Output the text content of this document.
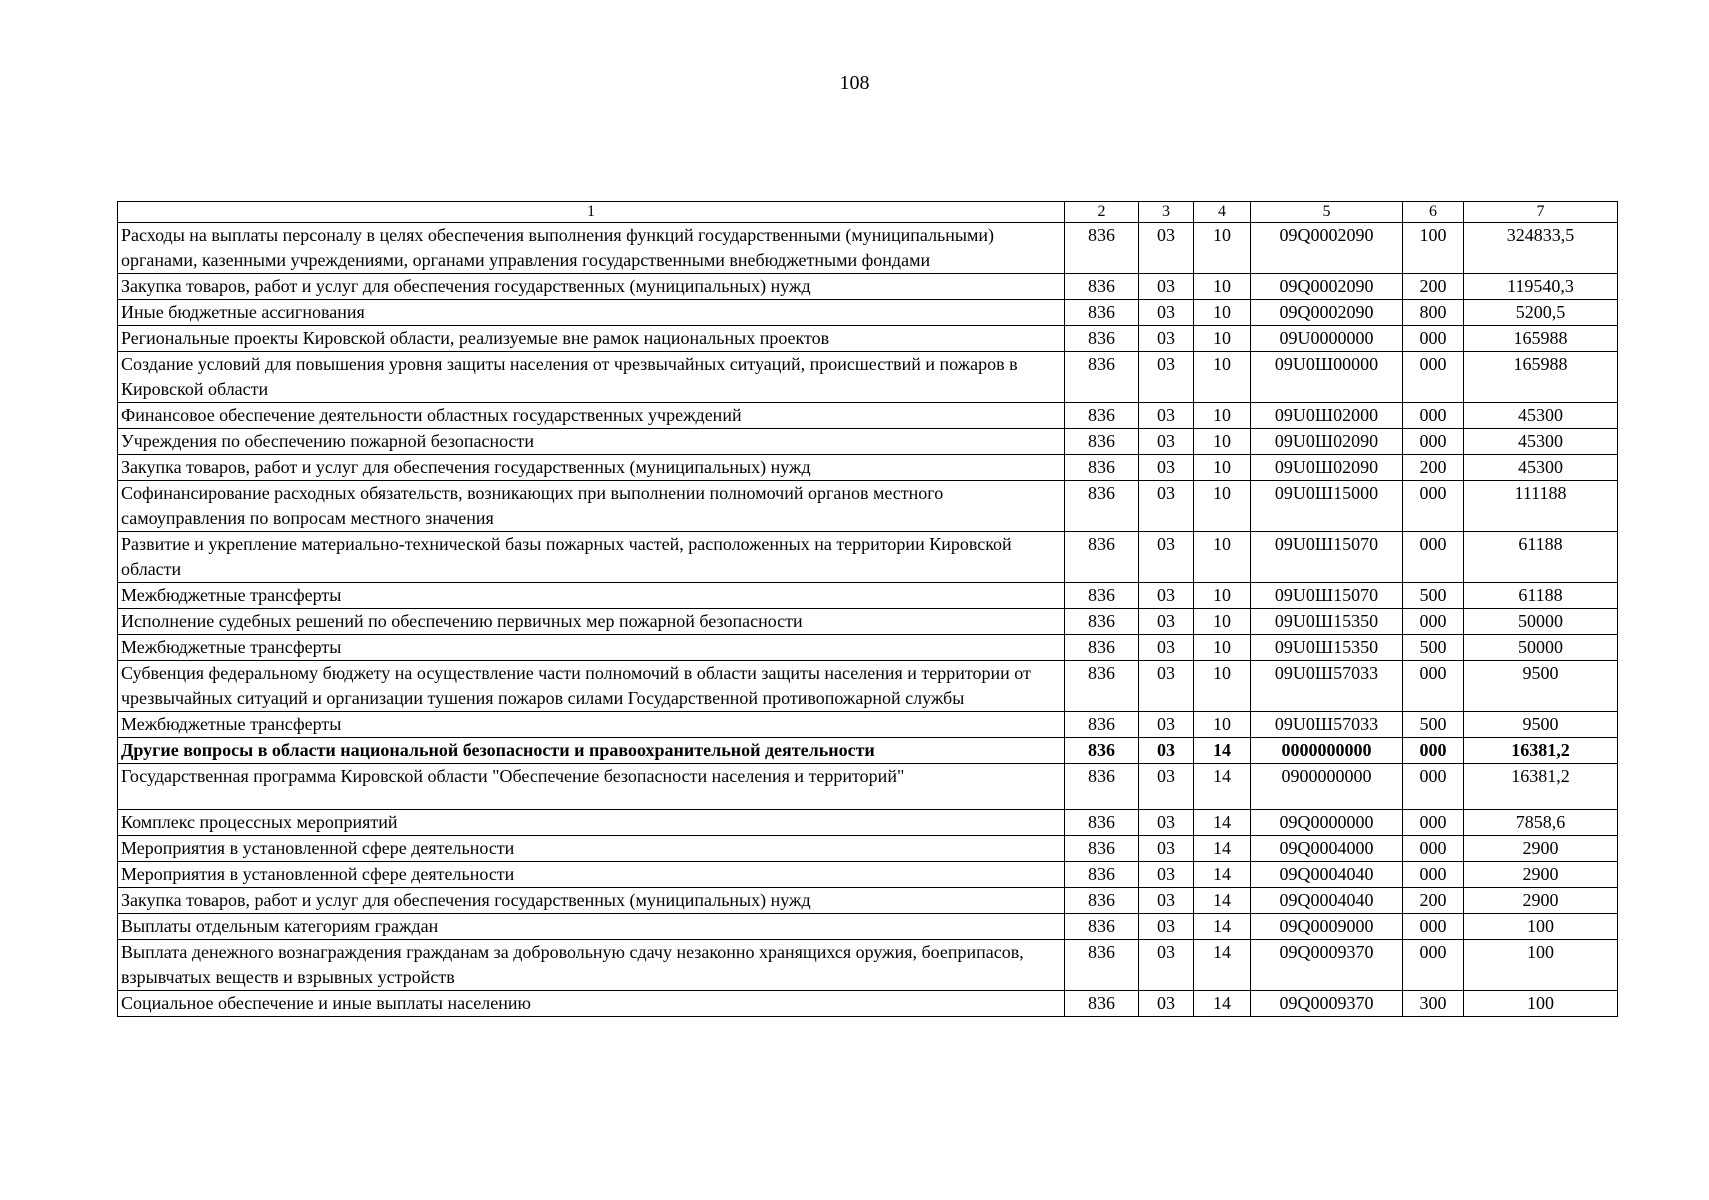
108
1	2	3	4	5	6	7
Расходы на выплаты персоналу в целях обеспечения выполнения функций государственными (муниципальными) органами, казенными учреждениями, органами управления государственными внебюджетными фондами	836	03	10	09Q0002090	100	324833,5
Закупка товаров, работ и услуг для обеспечения государственных (муниципальных) нужд	836	03	10	09Q0002090	200	119540,3
Иные бюджетные ассигнования	836	03	10	09Q0002090	800	5200,5
Региональные проекты Кировской области, реализуемые вне рамок национальных проектов	836	03	10	09U0000000	000	165988
Создание условий для повышения уровня защиты населения от чрезвычайных ситуаций, происшествий и пожаров в Кировской области	836	03	10	09U0Ш00000	000	165988
Финансовое обеспечение деятельности областных государственных учреждений	836	03	10	09U0Ш02000	000	45300
Учреждения по обеспечению пожарной безопасности	836	03	10	09U0Ш02090	000	45300
Закупка товаров, работ и услуг для обеспечения государственных (муниципальных) нужд	836	03	10	09U0Ш02090	200	45300
Софинансирование расходных обязательств, возникающих при выполнении полномочий органов местного самоуправления по вопросам местного значения	836	03	10	09U0Ш15000	000	111188
Развитие и укрепление материально-технической базы пожарных частей, расположенных на территории Кировской области	836	03	10	09U0Ш15070	000	61188
Межбюджетные трансферты	836	03	10	09U0Ш15070	500	61188
Исполнение судебных решений по обеспечению первичных мер пожарной безопасности	836	03	10	09U0Ш15350	000	50000
Межбюджетные трансферты	836	03	10	09U0Ш15350	500	50000
Субвенция федеральному бюджету на осуществление части полномочий в области защиты населения и территории от чрезвычайных ситуаций и организации тушения пожаров силами Государственной противопожарной службы	836	03	10	09U0Ш57033	000	9500
Межбюджетные трансферты	836	03	10	09U0Ш57033	500	9500
Другие вопросы в области национальной безопасности и правоохранительной деятельности	836	03	14	0000000000	000	16381,2
Государственная программа Кировской области "Обеспечение безопасности населения и территорий"	836	03	14	0900000000	000	16381,2
Комплекс процессных мероприятий	836	03	14	09Q0000000	000	7858,6
Мероприятия в установленной сфере деятельности	836	03	14	09Q0004000	000	2900
Мероприятия в установленной сфере деятельности	836	03	14	09Q0004040	000	2900
Закупка товаров, работ и услуг для обеспечения государственных (муниципальных) нужд	836	03	14	09Q0004040	200	2900
Выплаты отдельным категориям граждан	836	03	14	09Q0009000	000	100
Выплата денежного вознаграждения гражданам за добровольную сдачу незаконно хранящихся оружия, боеприпасов, взрывчатых веществ и взрывных устройств	836	03	14	09Q0009370	000	100
Социальное обеспечение и иные выплаты населению	836	03	14	09Q0009370	300	100
